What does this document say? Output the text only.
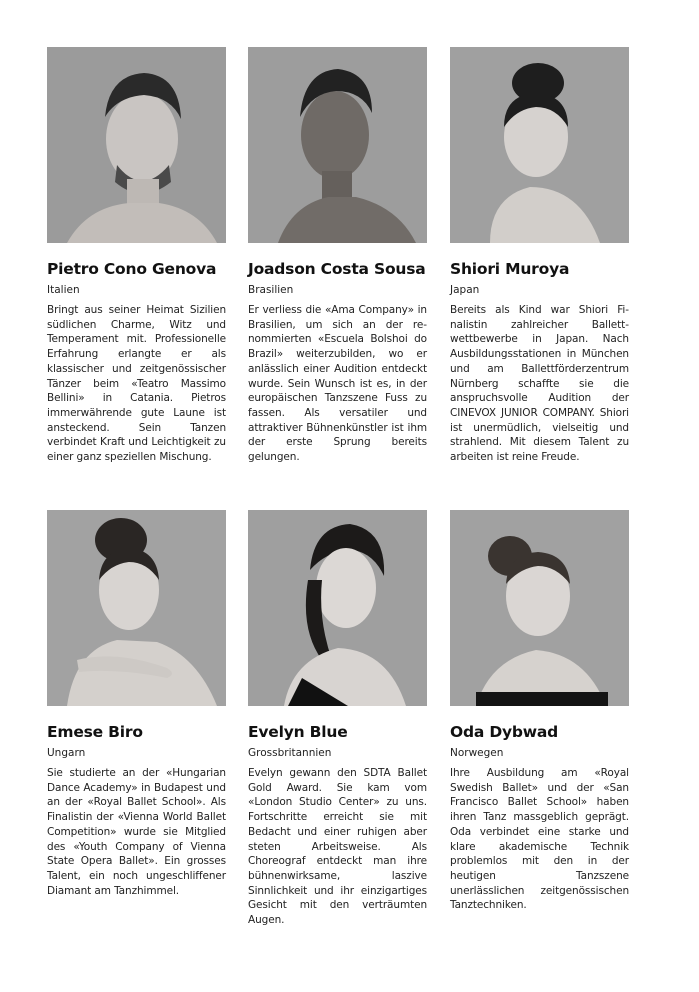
Pietro Cono Genova
Italien
Bringt aus seiner Heimat Sizilien südlichen Charme, Witz und Temperament mit. Professionelle Erfahrung erlangte er als klassischer und zeitgenössischer Tänzer beim «Teatro Massimo Bellini» in Catania. Pietros immerwährende gute Laune ist ansteckend. Sein Tanzen verbindet Kraft und Leichtigkeit zu einer ganz speziellen Mischung.
Joadson Costa Sousa
Brasilien
Er verliess die «Ama Company» in Brasilien, um sich an der renommierten «Escuela Bolshoi do Brazil» weiterzubilden, wo er anlässlich einer Audition entdeckt wurde. Sein Wunsch ist es, in der europäischen Tanzszene Fuss zu fassen. Als versatiler und attraktiver Bühnenkünstler ist ihm der erste Sprung bereits gelungen.
Shiori Muroya
Japan
Bereits als Kind war Shiori Finalistin zahlreicher Ballettwettbewerbe in Japan. Nach Ausbildungsstationen in München und am Ballettförderzentrum Nürnberg schaffte sie die anspruchsvolle Audition der CINEVOX JUNIOR COMPANY. Shiori ist unermüdlich, vielseitig und strahlend. Mit diesem Talent zu arbeiten ist reine Freude.
Emese Biro
Ungarn
Sie studierte an der «Hungarian Dance Academy» in Budapest und an der «Royal Ballet School». Als Finalistin der «Vienna World Ballet Competition» wurde sie Mitglied des «Youth Company of Vienna State Opera Ballet». Ein grosses Talent, ein noch ungeschliffener Diamant am Tanzhimmel.
Evelyn Blue
Grossbritannien
Evelyn gewann den SDTA Ballet Gold Award. Sie kam vom «London Studio Center» zu uns. Fortschritte erreicht sie mit Bedacht und einer ruhigen aber steten Arbeitsweise. Als Choreograf entdeckt man ihre bühnenwirksame, laszive Sinnlichkeit und ihr einzigartiges Gesicht mit den verträumten Augen.
Oda Dybwad
Norwegen
Ihre Ausbildung am «Royal Swedish Ballet» und der «San Francisco Ballet School» haben ihren Tanz massgeblich geprägt. Oda verbindet eine starke und klare akademische Technik problemlos mit den in der heutigen Tanzszene unerlässlichen zeitgenössischen Tanztechniken.
